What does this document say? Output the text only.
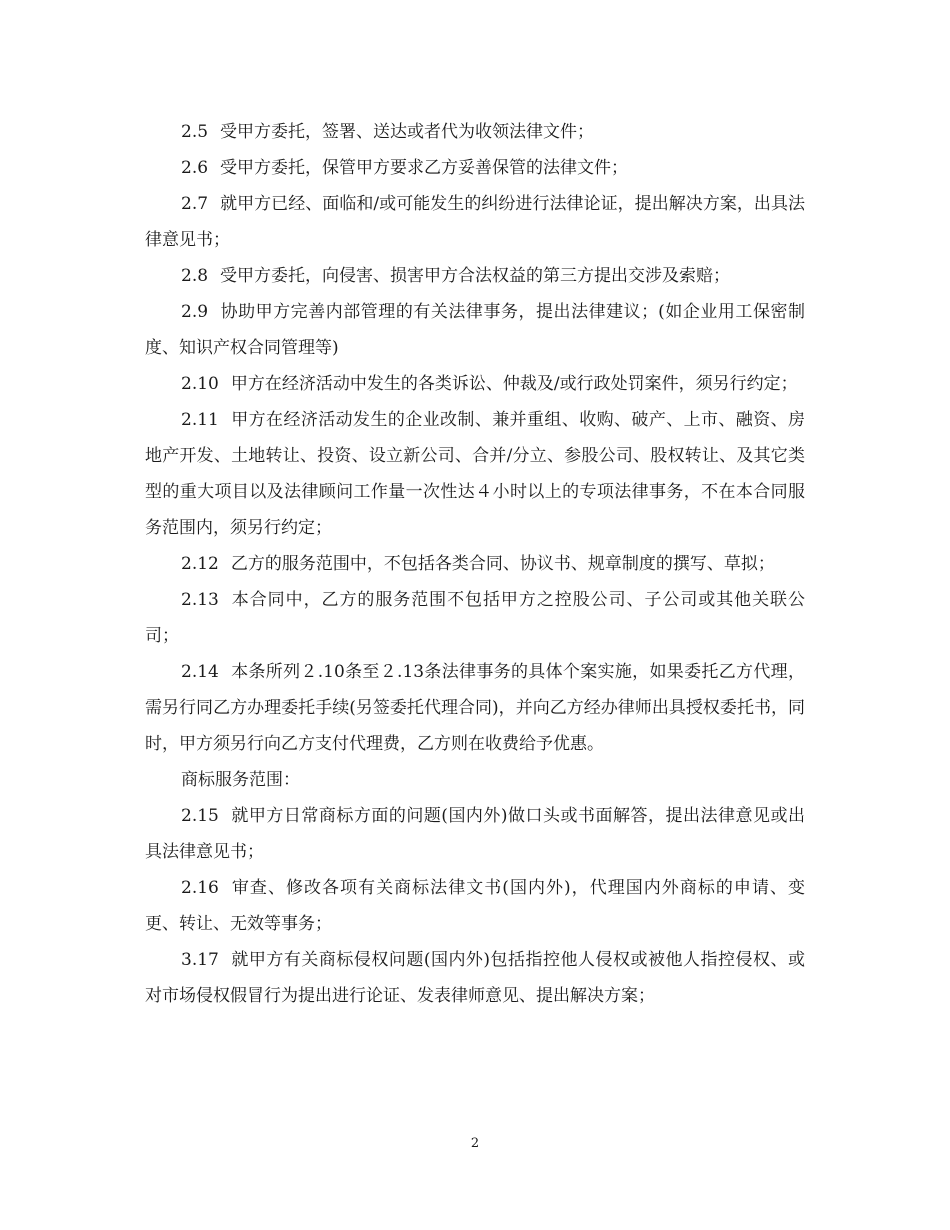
2.5 受甲方委托，签署、送达或者代为收领法律文件；

2.6 受甲方委托，保管甲方要求乙方妥善保管的法律文件；

2.7 就甲方已经、面临和/或可能发生的纠纷进行法律论证，提出解决方案，出具法律意见书；

2.8 受甲方委托，向侵害、损害甲方合法权益的第三方提出交涉及索赔；

2.9 协助甲方完善内部管理的有关法律事务，提出法律建议；(如企业用工保密制度、知识产权合同管理等)

2.10 甲方在经济活动中发生的各类诉讼、仲裁及/或行政处罚案件，须另行约定；

2.11 甲方在经济活动发生的企业改制、兼并重组、收购、破产、上市、融资、房地产开发、土地转让、投资、设立新公司、合并/分立、参股公司、股权转让、及其它类型的重大项目以及法律顾问工作量一次性达４小时以上的专项法律事务，不在本合同服务范围内，须另行约定；

2.12 乙方的服务范围中，不包括各类合同、协议书、规章制度的撰写、草拟；

2.13 本合同中，乙方的服务范围不包括甲方之控股公司、子公司或其他关联公司；

2.14 本条所列２.10条至２.13条法律事务的具体个案实施，如果委托乙方代理，需另行同乙方办理委托手续(另签委托代理合同)，并向乙方经办律师出具授权委托书，同时，甲方须另行向乙方支付代理费，乙方则在收费给予优惠。

商标服务范围：

2.15 就甲方日常商标方面的问题(国内外)做口头或书面解答，提出法律意见或出具法律意见书；

2.16 审查、修改各项有关商标法律文书(国内外)，代理国内外商标的申请、变更、转让、无效等事务；

3.17 就甲方有关商标侵权问题(国内外)包括指控他人侵权或被他人指控侵权、或对市场侵权假冒行为提出进行论证、发表律师意见、提出解决方案；

2
